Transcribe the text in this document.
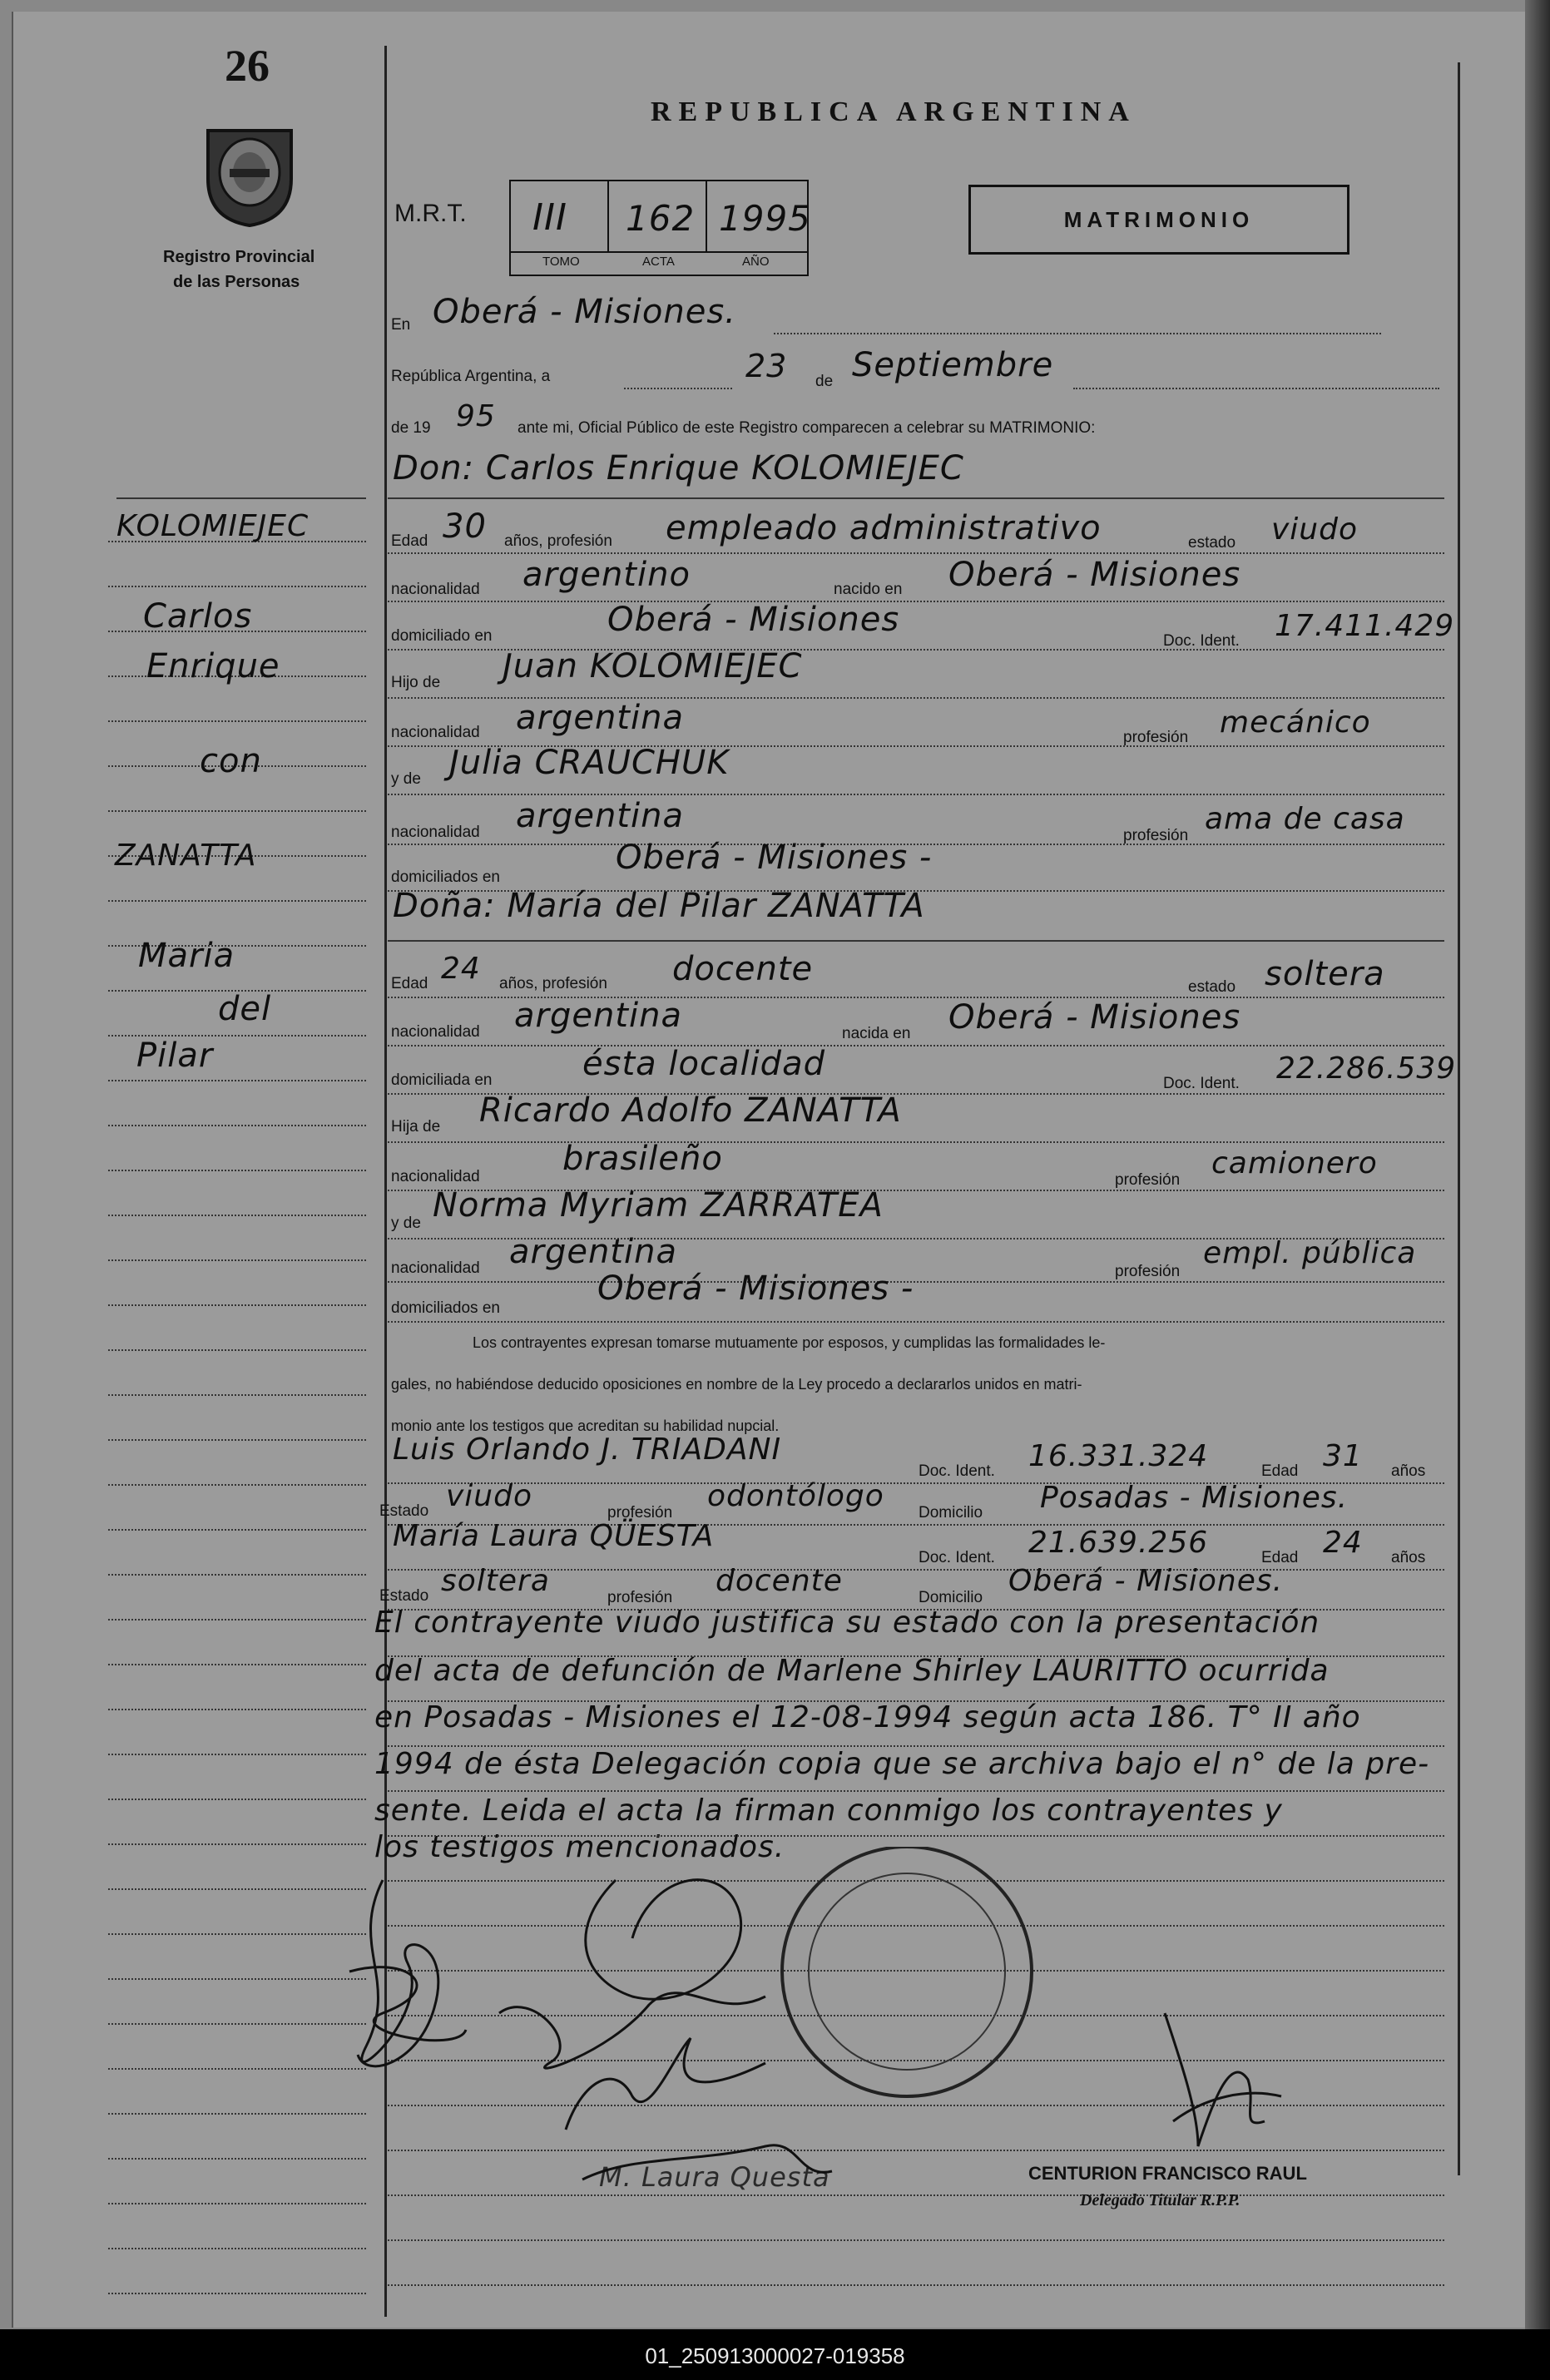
26
Registro Provincial
de las Personas
REPUBLICA ARGENTINA
MATRIMONIO
M.R.T. III 162 1995
TOMO	ACTA	AÑO
En Oberá - Misiones.
República Argentina, a	23 de Septiembre
de 19 95 ante mi, Oficial Público de este Registro comparecen a celebrar su MATRIMONIO:
Don: Carlos Enrique KOLOMIEJEC
Edad 30 años, profesión empleado administrativo	estado viudo
nacionalidad argentino	nacido en Oberá - Misiones
domiciliado en	Oberá - Misiones
Doc. Ident. 17.411.429
Hijo de Juan KOLOMIEJEC
nacionalidad argentina
profesión mecánico
y de Julia CRAUCHUK
nacionalidad argentina
profesión ama de casa
domiciliados en
Oberá - Misiones -
Doña: María del Pilar ZANATTA
Edad 24 años, profesión docente	estado soltera
nacionalidad argentina	nacida en Oberá - Misiones
domiciliada en	ésta localidad
Doc. Ident. 22.286.539
Hija de Ricardo Adolfo ZANATTA
nacionalidad brasileño
profesión camionero
y de Norma Myriam ZARRATEA
nacionalidad argentina
profesión
empl. pública
domiciliados en
Oberá - Misiones -
Los contrayentes expresan tomarse mutuamente por esposos, y cumplidas las formalidades le-
gales, no habiéndose deducido oposiciones en nombre de la Ley procedo a declararlos unidos en matri-
monio ante los testigos que acreditan su habilidad nupcial.
Luis Orlando J. TRIADANI
Doc. Ident. 16.331.324	Edad 31 años
Estado viudo	profesión odontólogo Domicilio Posadas - Misiones.
María Laura QÜESTA
Doc. Ident. 21.639.256	Edad 24 años
Estado soltera	profesión docente	Domicilio Oberá - Misiones.
El contrayente viudo justifica su estado con la presentación
del acta de defunción de Marlene Shirley LAURITTO ocurrida
en Posadas - Misiones el 12-08-1994 según acta 186. T° II año
1994 de ésta Delegación copia que se archiva bajo el n° de la pre-
sente. Leida el acta la firman conmigo los contrayentes y
los testigos mencionados.
KOLOMIEJEC
Carlos
Enrique
con
ZANATTA
Maria
del
Pilar
M. Laura Questa	CENTURION FRANCISCO RAUL
Delegado Titular R.P.P.
01_250913000027-019358
